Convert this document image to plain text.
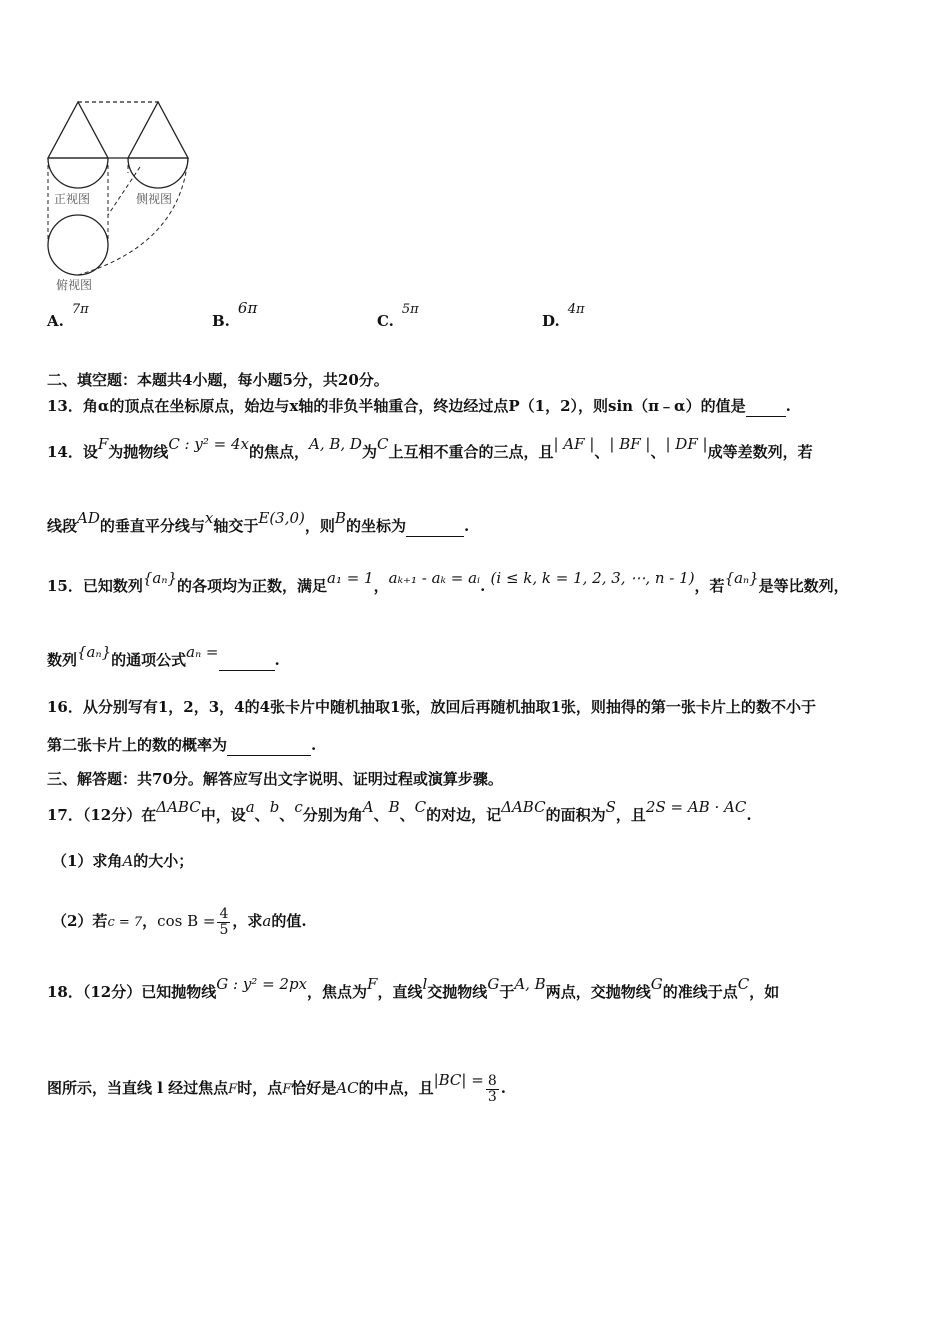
正视图	侧视图
俯视图
A.7π
B.6π
C.5π
D.4π
二、填空题：本题共4小题，每小题5分，共20分。
13．角α的顶点在坐标原点，始边与x轴的非负半轴重合，终边经过点P（1，2），则sin（π﹣α）的值是	.
14．设F为抛物线C : y² = 4x的焦点，A, B, D为C上互相不重合的三点，且| AF |、| BF |、| DF |成等差数列，若
线段AD的垂直平分线与x轴交于E(3,0)，则B的坐标为	.
15．已知数列{aₙ}的各项均为正数，满足a₁ = 1，aₖ₊₁ - aₖ = aᵢ. (i ≤ k, k = 1, 2, 3, ⋯, n - 1)，若{aₙ}是等比数列，
数列{aₙ}的通项公式aₙ =	.
16．从分别写有1，2，3，4的4张卡片中随机抽取1张，放回后再随机抽取1张，则抽得的第一张卡片上的数不小于
第二张卡片上的数的概率为	.
三、解答题：共70分。解答应写出文字说明、证明过程或演算步骤。
17．（12分）在ΔABC中，设a、b、c分别为角A、B、C的对边，记ΔABC的面积为S，且2S = AB · AC.
（1）求角A的大小；
（2）若c = 7，$\cos B = \frac{4}{5}$ ，求a的值.
18．（12分）已知抛物线G : y² = 2px，焦点为F，直线l交抛物线G于A, B两点，交抛物线G的准线于点C，如
图所示，当直线 l 经过焦点F时，点F恰好是AC的中点，且$|BC| = \frac{8}{3}$ .
